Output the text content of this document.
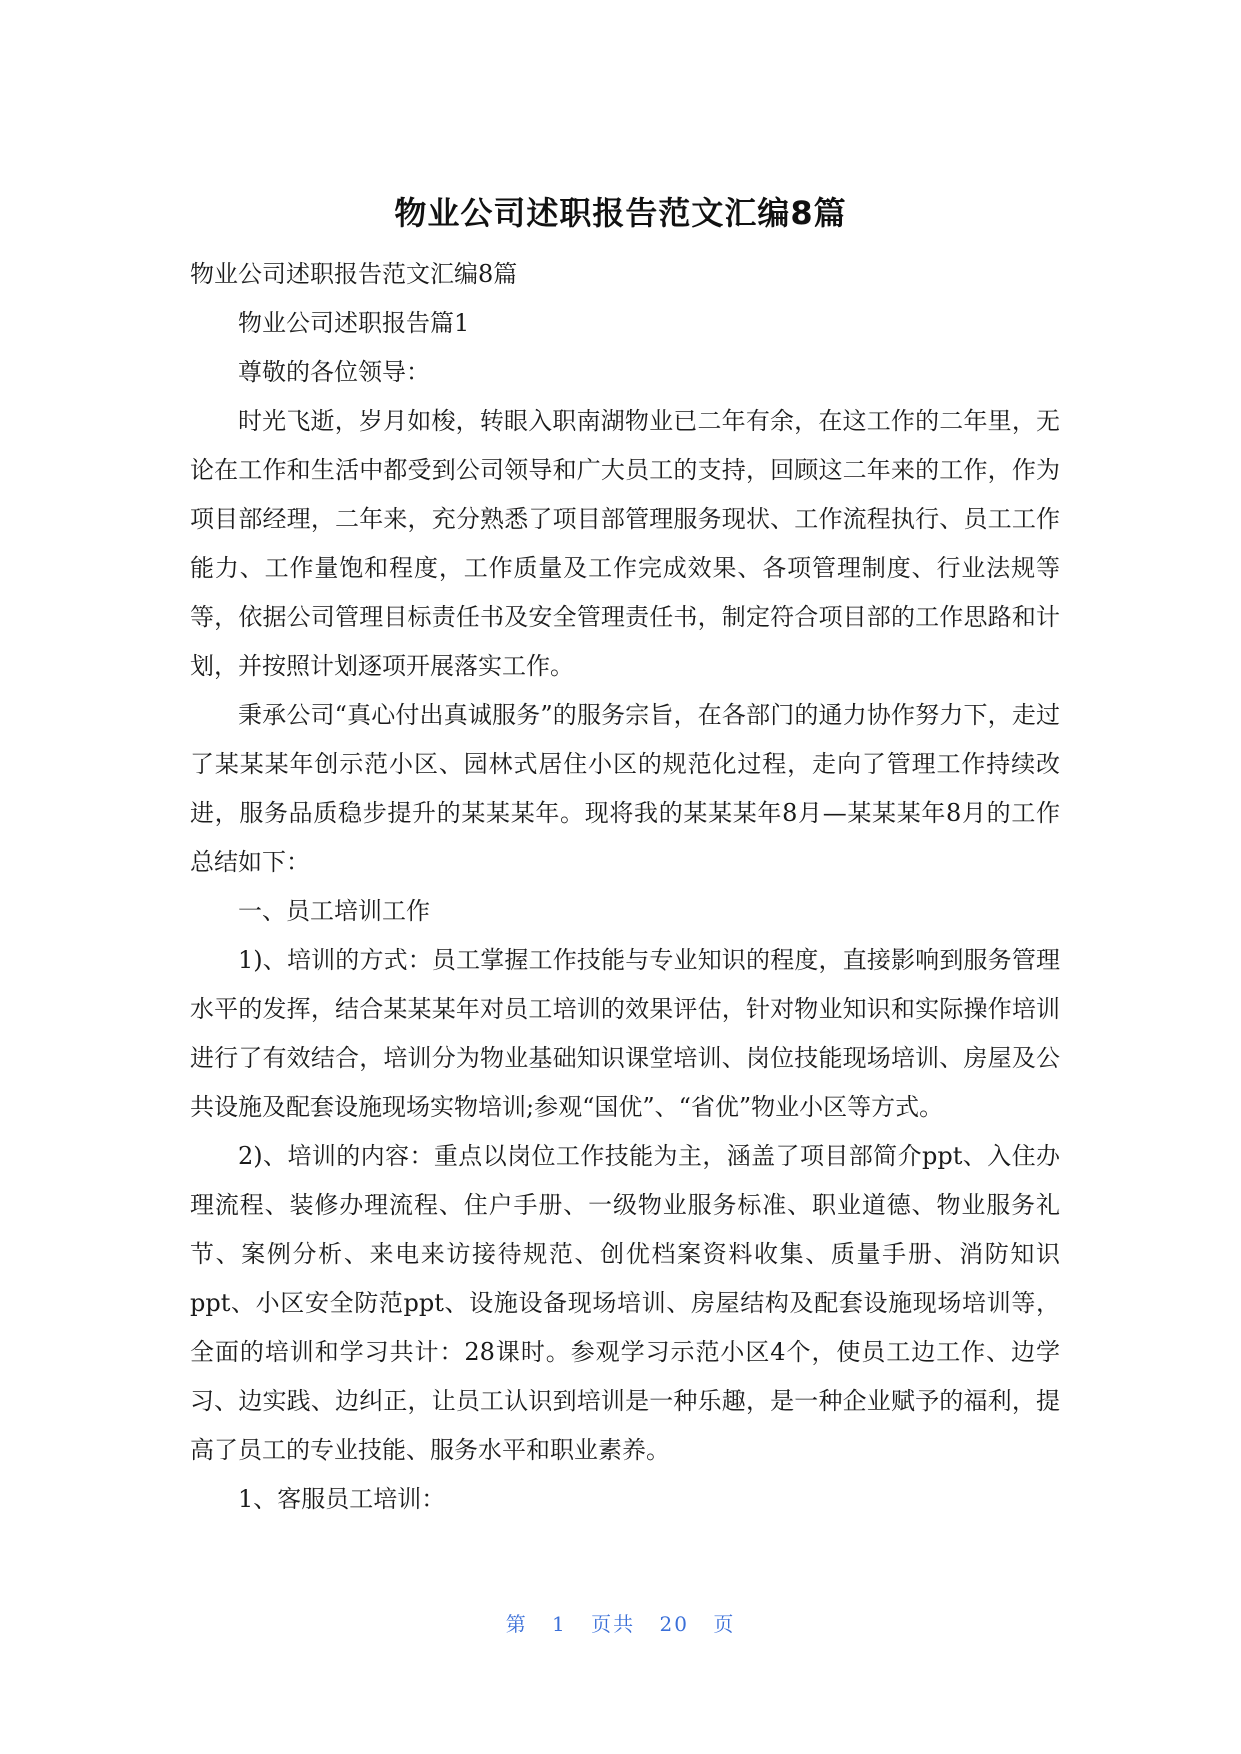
物业公司述职报告范文汇编8篇

物业公司述职报告范文汇编8篇

物业公司述职报告篇1

尊敬的各位领导：

时光飞逝，岁月如梭，转眼入职南湖物业已二年有余，在这工作的二年里，无论在工作和生活中都受到公司领导和广大员工的支持，回顾这二年来的工作，作为项目部经理，二年来，充分熟悉了项目部管理服务现状、工作流程执行、员工工作能力、工作量饱和程度，工作质量及工作完成效果、各项管理制度、行业法规等等，依据公司管理目标责任书及安全管理责任书，制定符合项目部的工作思路和计划，并按照计划逐项开展落实工作。

秉承公司“真心付出真诚服务”的服务宗旨，在各部门的通力协作努力下，走过了某某某年创示范小区、园林式居住小区的规范化过程，走向了管理工作持续改进，服务品质稳步提升的某某某年。现将我的某某某年8月—某某某年8月的工作总结如下：

一、员工培训工作

1)、培训的方式：员工掌握工作技能与专业知识的程度，直接影响到服务管理水平的发挥，结合某某某年对员工培训的效果评估，针对物业知识和实际操作培训进行了有效结合，培训分为物业基础知识课堂培训、岗位技能现场培训、房屋及公共设施及配套设施现场实物培训;参观“国优”、“省优”物业小区等方式。

2)、培训的内容：重点以岗位工作技能为主，涵盖了项目部简介ppt、入住办理流程、装修办理流程、住户手册、一级物业服务标准、职业道德、物业服务礼节、案例分析、来电来访接待规范、创优档案资料收集、质量手册、消防知识ppt、小区安全防范ppt、设施设备现场培训、房屋结构及配套设施现场培训等，全面的培训和学习共计：28课时。参观学习示范小区4个，使员工边工作、边学习、边实践、边纠正，让员工认识到培训是一种乐趣，是一种企业赋予的福利，提高了员工的专业技能、服务水平和职业素养。

1、客服员工培训：

第 1 页共 20 页
